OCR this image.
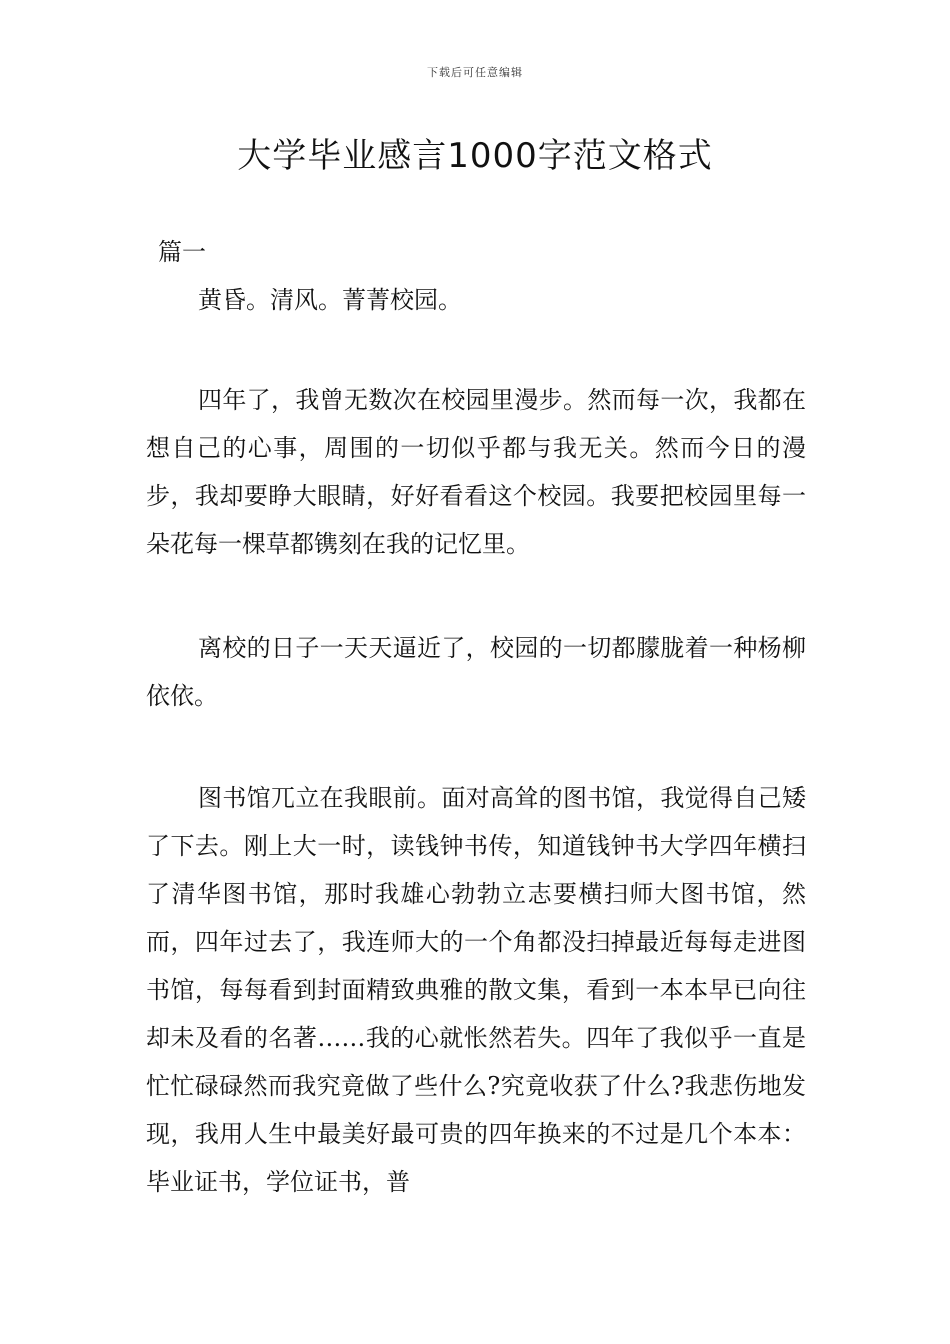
下载后可任意编辑
大学毕业感言1000字范文格式
篇一

黄昏。清风。菁菁校园。

四年了，我曾无数次在校园里漫步。然而每一次，我都在想自己的心事，周围的一切似乎都与我无关。然而今日的漫步，我却要睁大眼睛，好好看看这个校园。我要把校园里每一朵花每一棵草都镌刻在我的记忆里。

离校的日子一天天逼近了，校园的一切都朦胧着一种杨柳依依。

图书馆兀立在我眼前。面对高耸的图书馆，我觉得自己矮了下去。刚上大一时，读钱钟书传，知道钱钟书大学四年横扫了清华图书馆，那时我雄心勃勃立志要横扫师大图书馆，然而，四年过去了，我连师大的一个角都没扫掉最近每每走进图书馆，每每看到封面精致典雅的散文集，看到一本本早已向往却未及看的名著……我的心就怅然若失。四年了我似乎一直是忙忙碌碌然而我究竟做了些什么?究竟收获了什么?我悲伤地发现，我用人生中最美好最可贵的四年换来的不过是几个本本：毕业证书，学位证书，普
